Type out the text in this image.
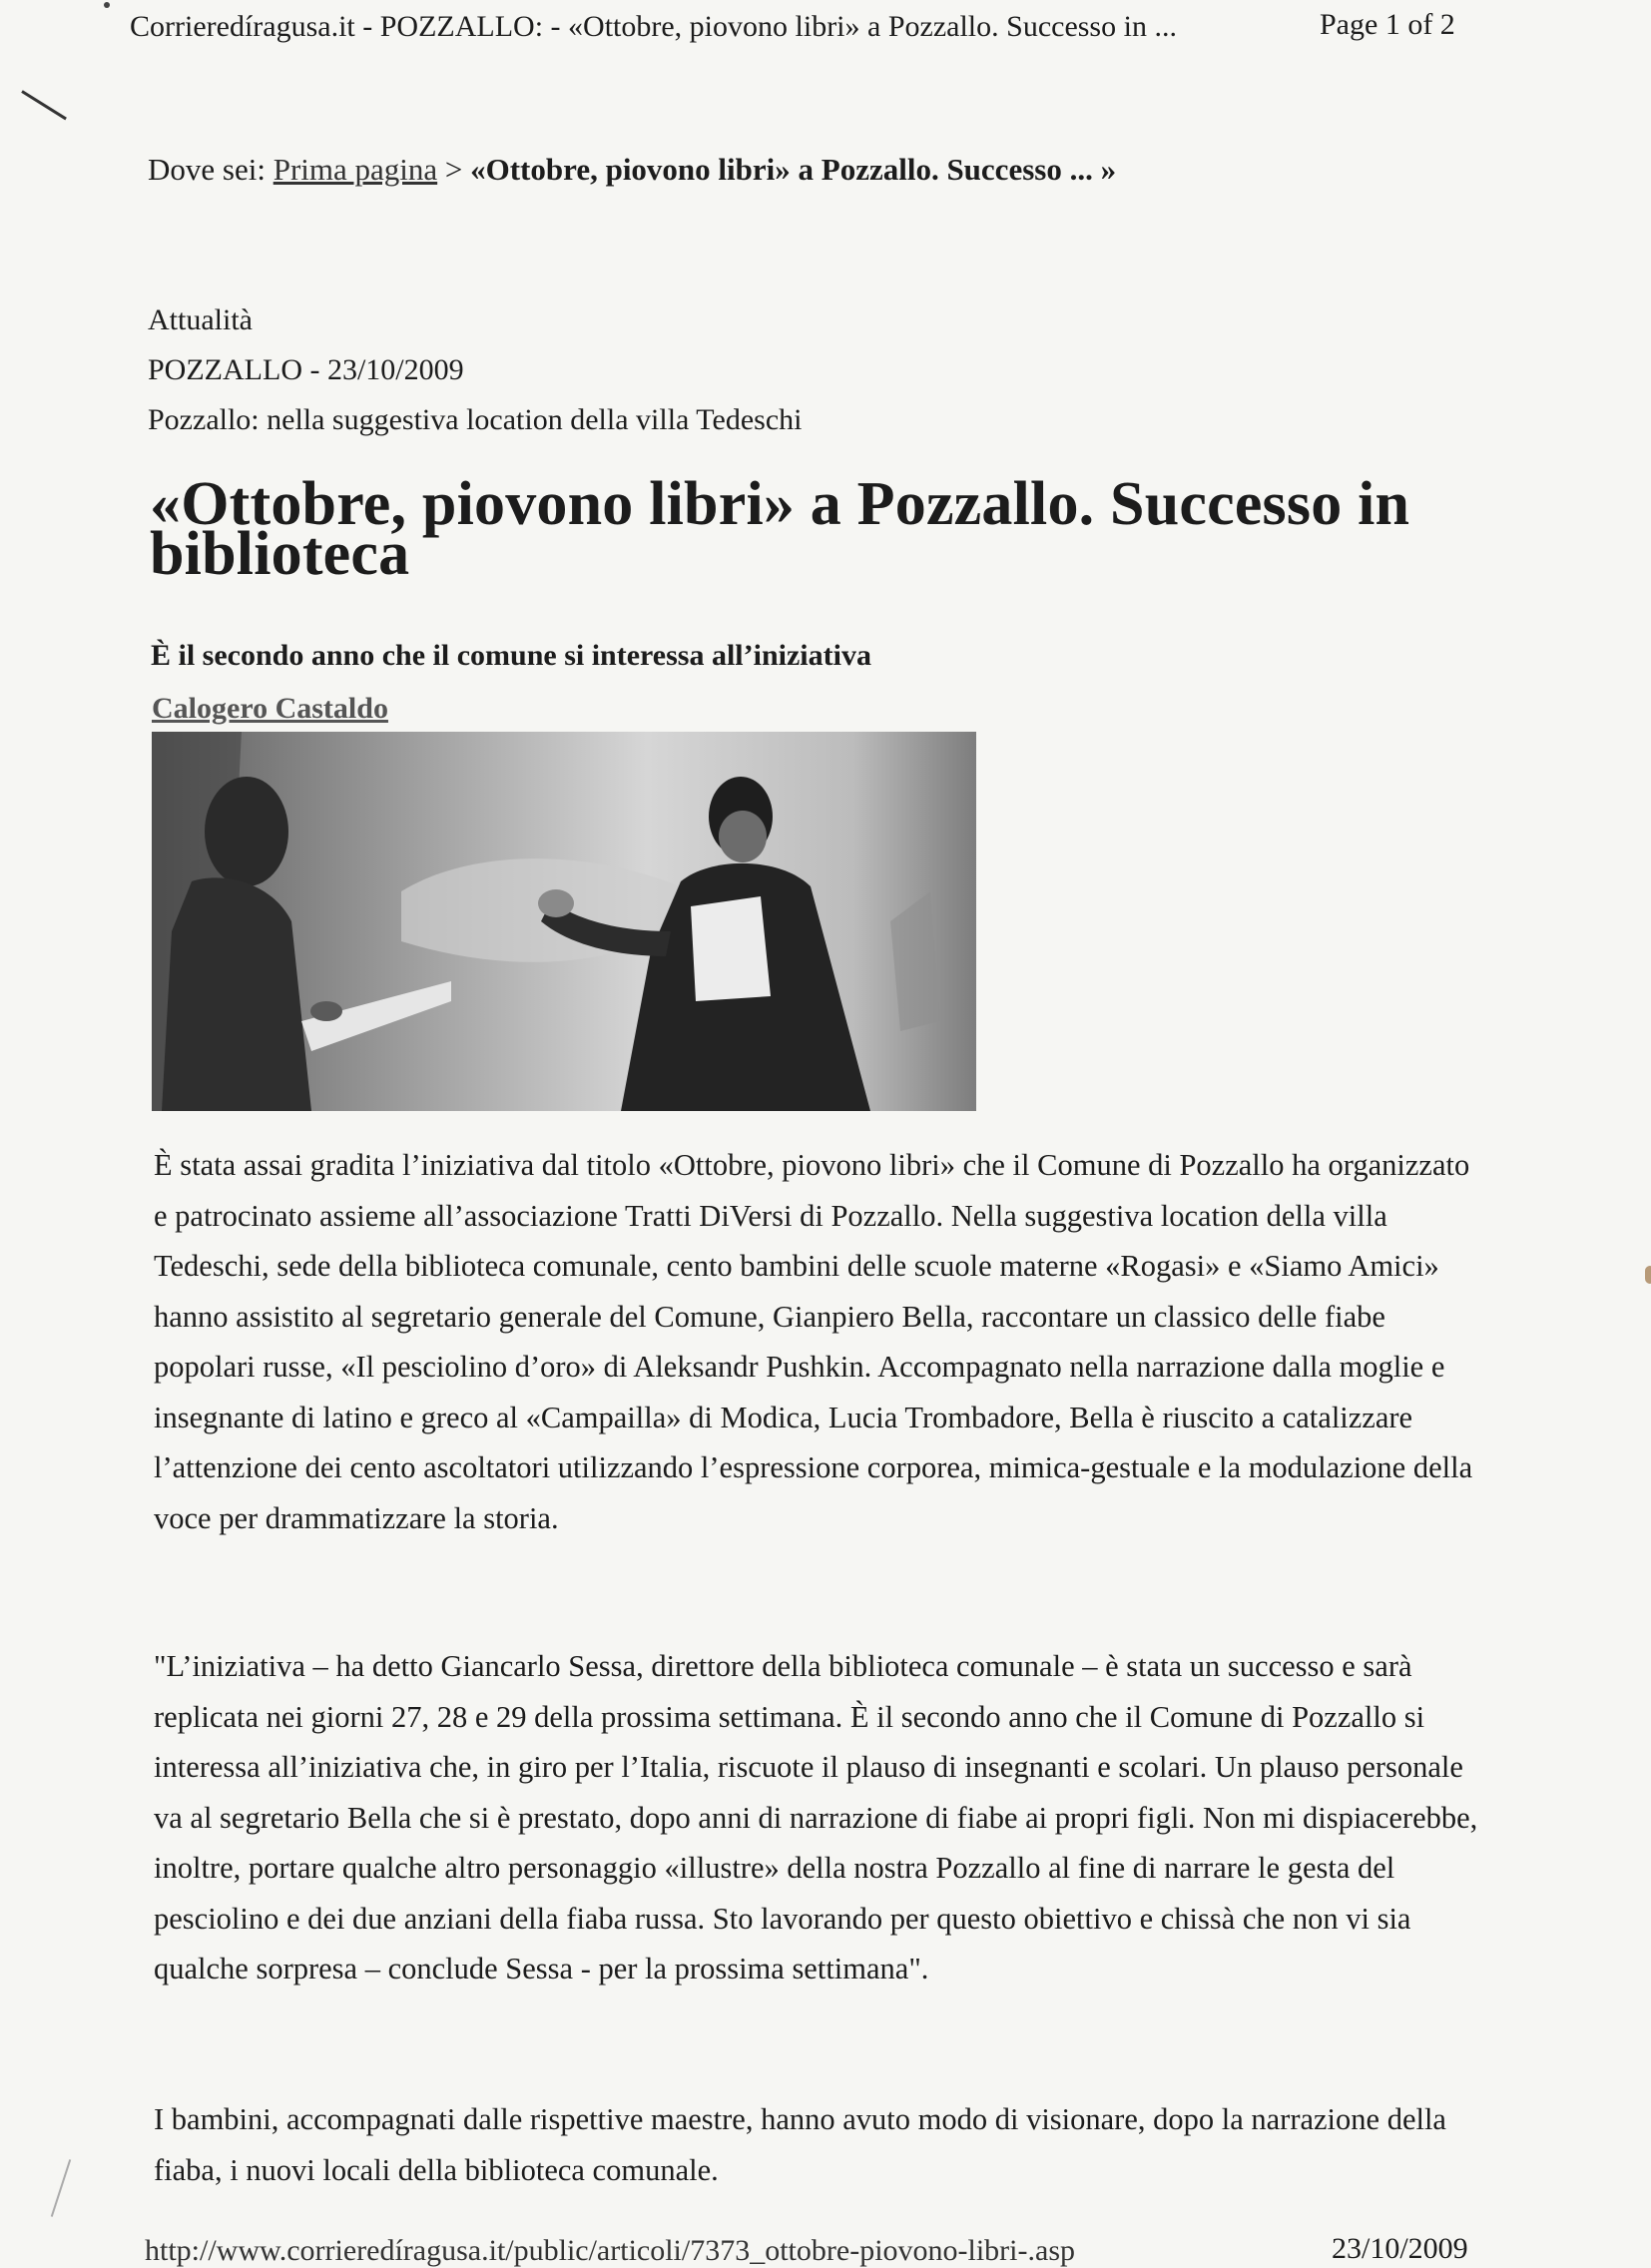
Corrieredíragusa.it - POZZALLO: - «Ottobre, piovono libri» a Pozzallo. Successo in ...	Page 1 of 2
Dove sei: Prima pagina > «Ottobre, piovono libri» a Pozzallo. Successo ... »
Attualità
POZZALLO - 23/10/2009
Pozzallo: nella suggestiva location della villa Tedeschi
«Ottobre, piovono libri» a Pozzallo. Successo in biblioteca
È il secondo anno che il comune si interessa all’iniziativa
Calogero Castaldo

È stata assai gradita l’iniziativa dal titolo «Ottobre, piovono libri» che il Comune di Pozzallo ha organizzato e patrocinato assieme all’associazione Tratti DiVersi di Pozzallo. Nella suggestiva location della villa Tedeschi, sede della biblioteca comunale, cento bambini delle scuole materne «Rogasi» e «Siamo Amici» hanno assistito al segretario generale del Comune, Gianpiero Bella, raccontare un classico delle fiabe popolari russe, «Il pesciolino d’oro» di Aleksandr Pushkin. Accompagnato nella narrazione dalla moglie e insegnante di latino e greco al «Campailla» di Modica, Lucia Trombadore, Bella è riuscito a catalizzare l’attenzione dei cento ascoltatori utilizzando l’espressione corporea, mimica-gestuale e la modulazione della voce per drammatizzare la storia.

"L’iniziativa – ha detto Giancarlo Sessa, direttore della biblioteca comunale – è stata un successo e sarà replicata nei giorni 27, 28 e 29 della prossima settimana. È il secondo anno che il Comune di Pozzallo si interessa all’iniziativa che, in giro per l’Italia, riscuote il plauso di insegnanti e scolari. Un plauso personale va al segretario Bella che si è prestato, dopo anni di narrazione di fiabe ai propri figli. Non mi dispiacerebbe, inoltre, portare qualche altro personaggio «illustre» della nostra Pozzallo al fine di narrare le gesta del pesciolino e dei due anziani della fiaba russa. Sto lavorando per questo obiettivo e chissà che non vi sia qualche sorpresa – conclude Sessa - per la prossima settimana".

I bambini, accompagnati dalle rispettive maestre, hanno avuto modo di visionare, dopo la narrazione della fiaba, i nuovi locali della biblioteca comunale.

http://www.corrieredíragusa.it/public/articoli/7373_ottobre-piovono-libri-.asp	23/10/2009
